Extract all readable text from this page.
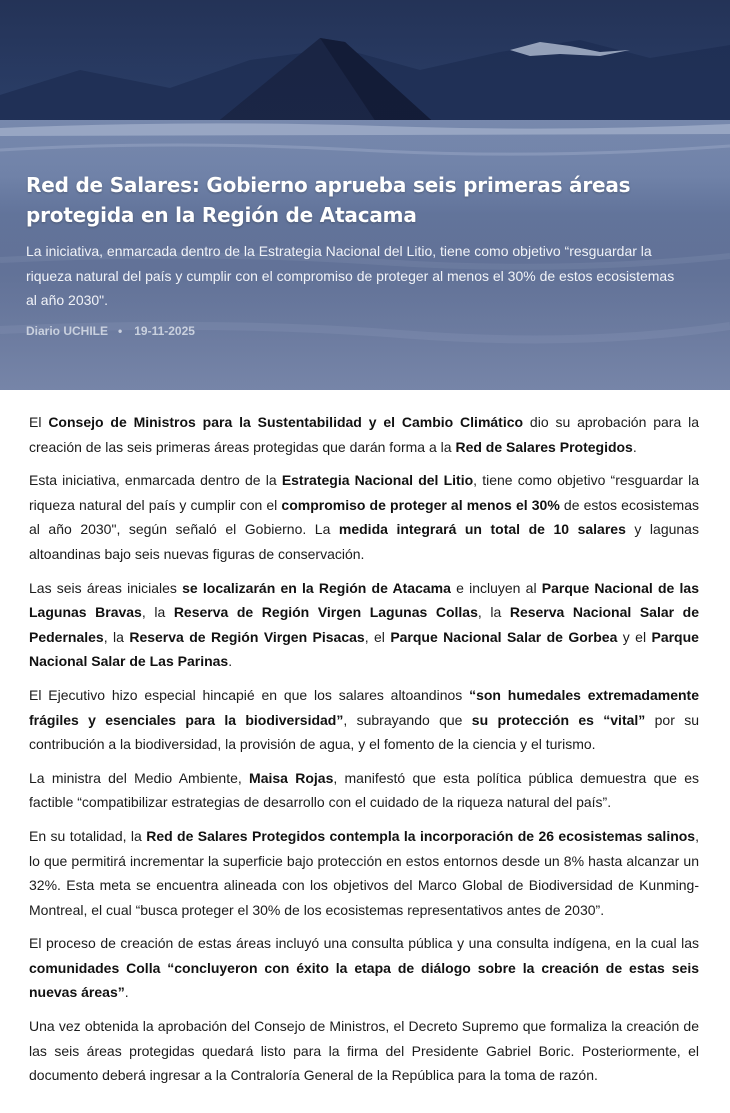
Red de Salares: Gobierno aprueba seis primeras áreas protegida en la Región de Atacama

La iniciativa, enmarcada dentro de la Estrategia Nacional del Litio, tiene como objetivo “resguardar la riqueza natural del país y cumplir con el compromiso de proteger al menos el 30% de estos ecosistemas al año 2030".

Diario UCHILE • 19-11-2025

El Consejo de Ministros para la Sustentabilidad y el Cambio Climático dio su aprobación para la creación de las seis primeras áreas protegidas que darán forma a la Red de Salares Protegidos.

Esta iniciativa, enmarcada dentro de la Estrategia Nacional del Litio, tiene como objetivo “resguardar la riqueza natural del país y cumplir con el compromiso de proteger al menos el 30% de estos ecosistemas al año 2030", según señaló el Gobierno. La medida integrará un total de 10 salares y lagunas altoandinas bajo seis nuevas figuras de conservación.

Las seis áreas iniciales se localizarán en la Región de Atacama e incluyen al Parque Nacional de las Lagunas Bravas, la Reserva de Región Virgen Lagunas Collas, la Reserva Nacional Salar de Pedernales, la Reserva de Región Virgen Pisacas, el Parque Nacional Salar de Gorbea y el Parque Nacional Salar de Las Parinas.

El Ejecutivo hizo especial hincapié en que los salares altoandinos “son humedales extremadamente frágiles y esenciales para la biodiversidad”, subrayando que su protección es “vital” por su contribución a la biodiversidad, la provisión de agua, y el fomento de la ciencia y el turismo.

La ministra del Medio Ambiente, Maisa Rojas, manifestó que esta política pública demuestra que es factible “compatibilizar estrategias de desarrollo con el cuidado de la riqueza natural del país”.

En su totalidad, la Red de Salares Protegidos contempla la incorporación de 26 ecosistemas salinos, lo que permitirá incrementar la superficie bajo protección en estos entornos desde un 8% hasta alcanzar un 32%. Esta meta se encuentra alineada con los objetivos del Marco Global de Biodiversidad de Kunming-Montreal, el cual “busca proteger el 30% de los ecosistemas representativos antes de 2030”.

El proceso de creación de estas áreas incluyó una consulta pública y una consulta indígena, en la cual las comunidades Colla “concluyeron con éxito la etapa de diálogo sobre la creación de estas seis nuevas áreas”.

Una vez obtenida la aprobación del Consejo de Ministros, el Decreto Supremo que formaliza la creación de las seis áreas protegidas quedará listo para la firma del Presidente Gabriel Boric. Posteriormente, el documento deberá ingresar a la Contraloría General de la República para la toma de razón.
